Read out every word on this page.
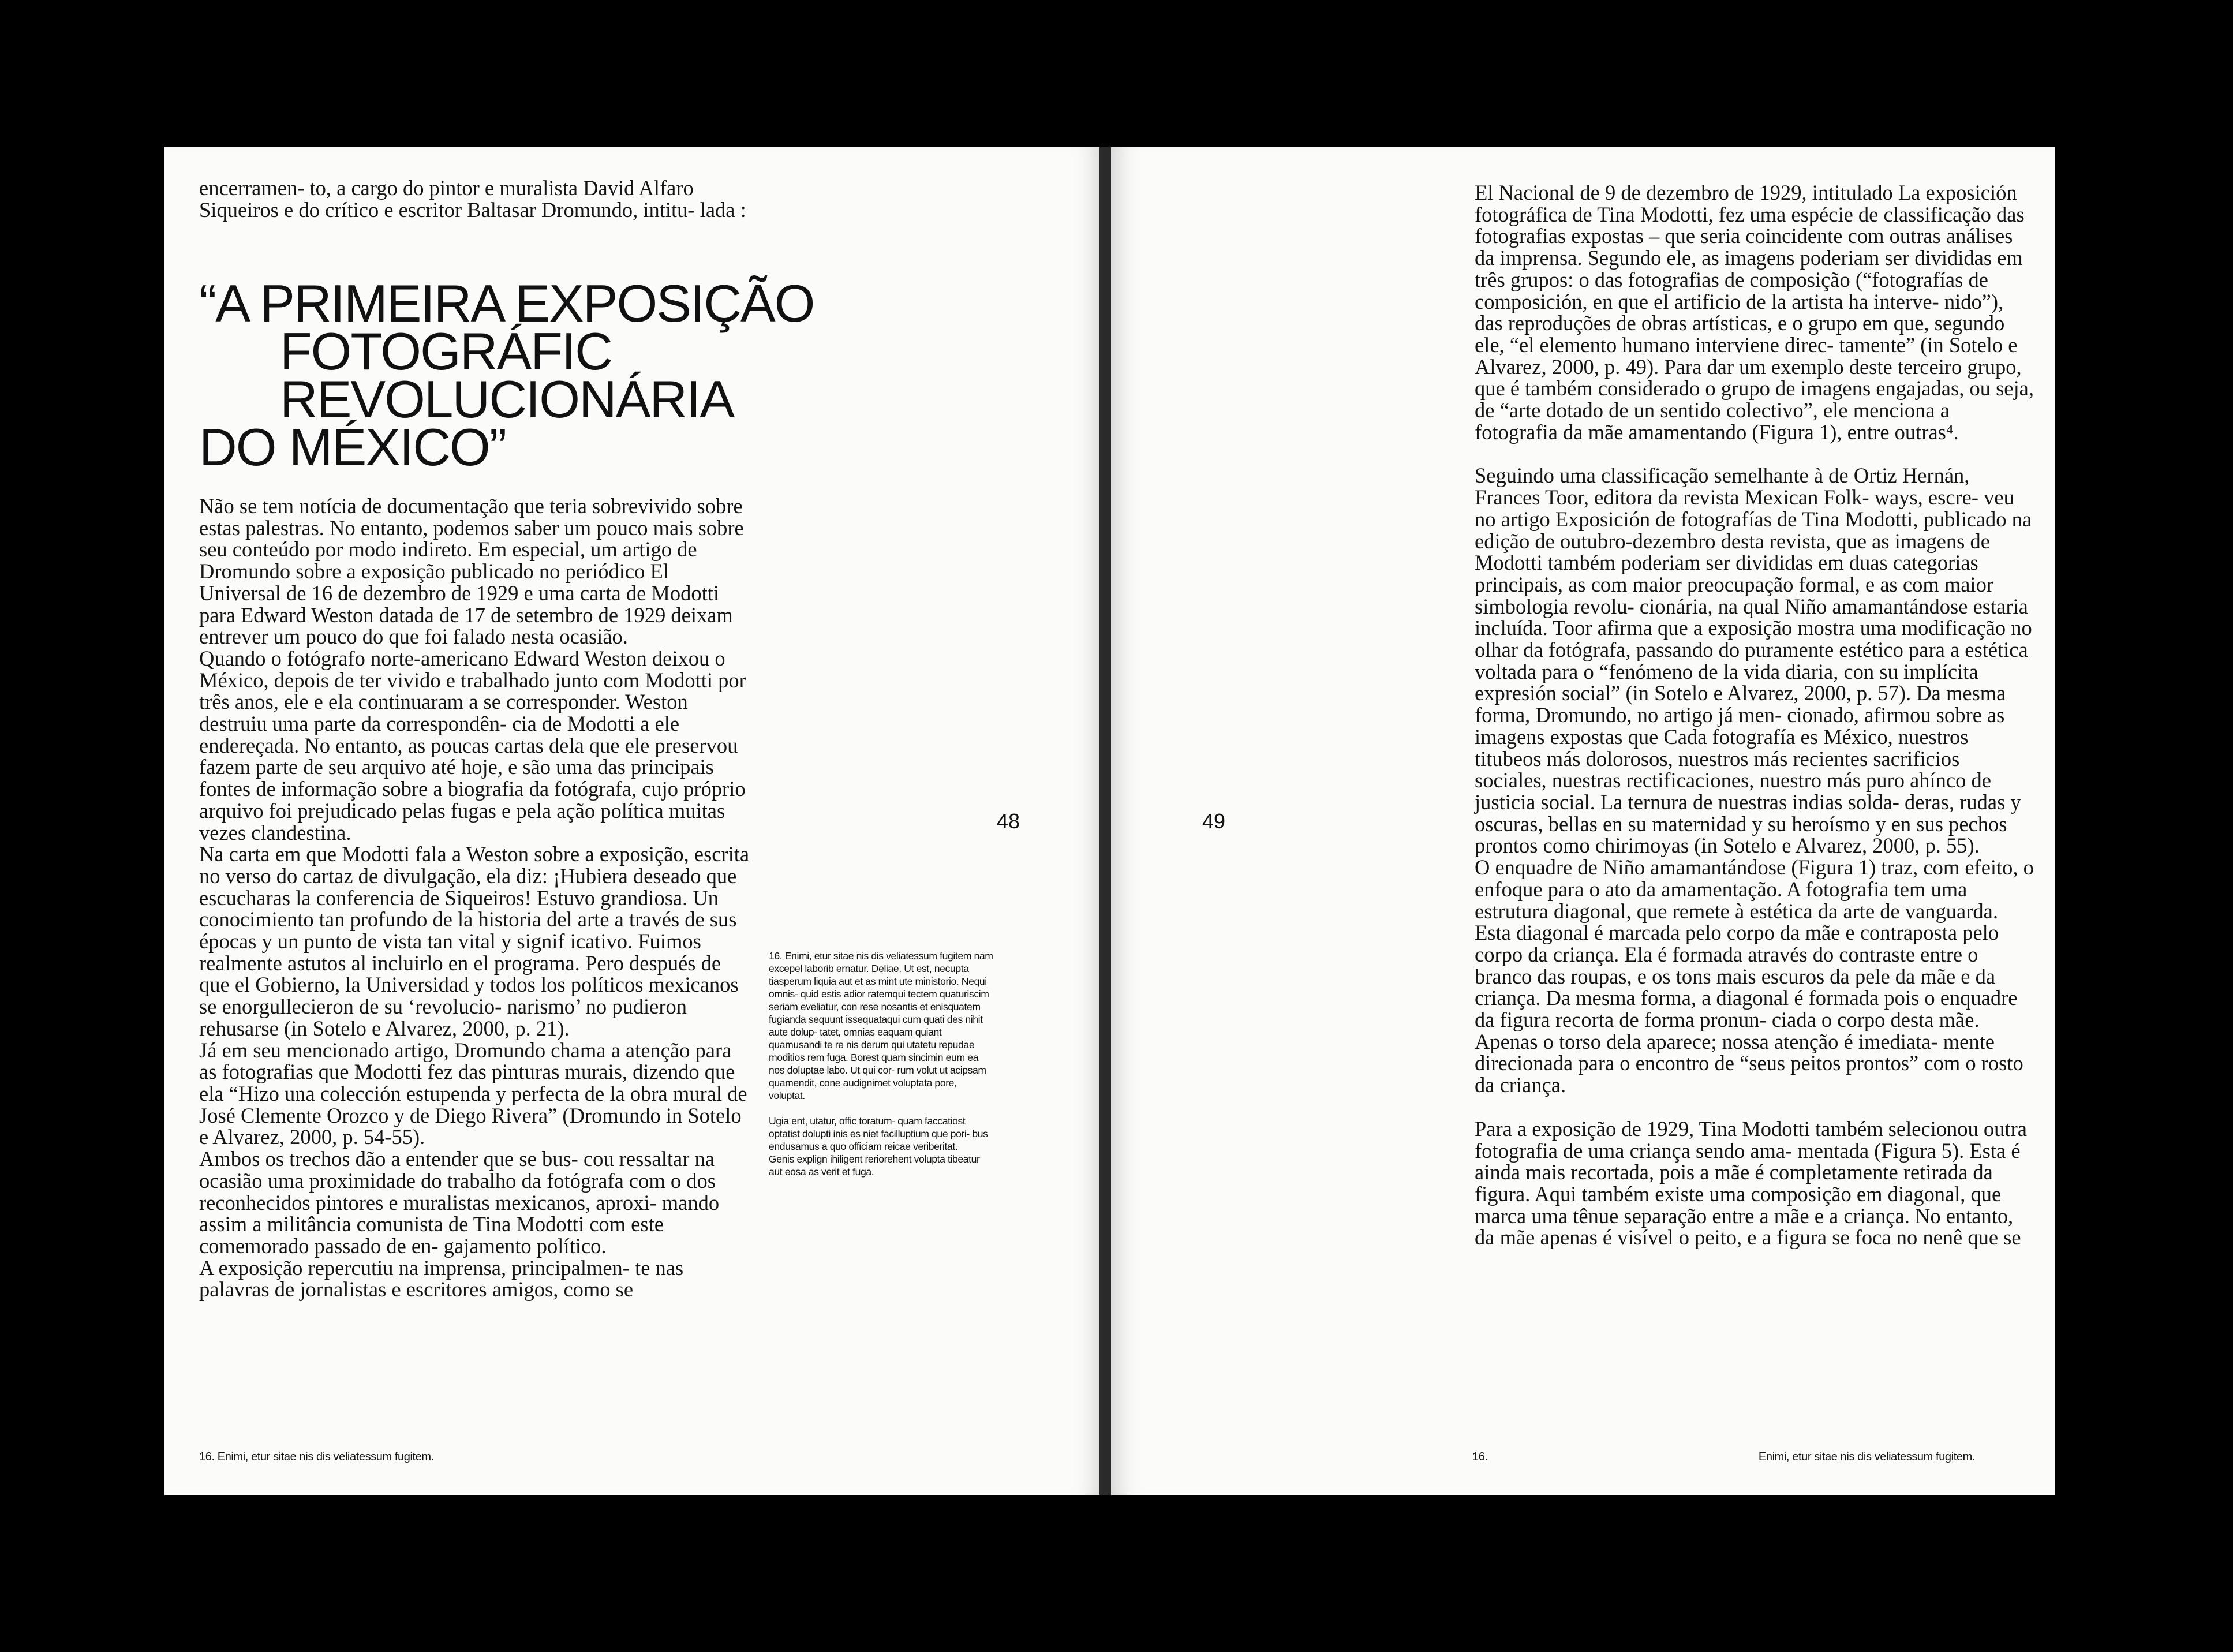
encerramen- to, a cargo do pintor e muralista David Alfaro Siqueiros e do crítico e escritor Baltasar Dromundo, intitu- lada :

“A PRIMEIRA EXPOSIÇÃO
FOTOGRÁFIC
REVOLUCIONÁRIA
DO MÉXICO”

Não se tem notícia de documentação que teria sobrevivido sobre estas palestras. No entanto, podemos saber um pouco mais sobre seu conteúdo por modo indireto. Em especial, um artigo de Dromundo sobre a exposição publicado no periódico El Universal de 16 de dezembro de 1929 e uma carta de Modotti para Edward Weston datada de 17 de setembro de 1929 deixam entrever um pouco do que foi falado nesta ocasião.

Quando o fotógrafo norte-americano Edward Weston deixou o México, depois de ter vivido e trabalhado junto com Modotti por três anos, ele e ela continuaram a se corresponder. Weston destruiu uma parte da correspondên- cia de Modotti a ele endereçada. No entanto, as poucas cartas dela que ele preservou fazem parte de seu arquivo até hoje, e são uma das principais fontes de informação sobre a biografia da fotógrafa, cujo próprio arquivo foi prejudicado pelas fugas e pela ação política muitas vezes clandestina.

Na carta em que Modotti fala a Weston sobre a exposição, escrita no verso do cartaz de divulgação, ela diz: ¡Hubiera deseado que escucharas la conferencia de Siqueiros! Estuvo grandiosa. Un conocimiento tan profundo de la historia del arte a través de sus épocas y un punto de vista tan vital y signif icativo. Fuimos realmente astutos al incluirlo en el programa. Pero después de que el Gobierno, la Universidad y todos los políticos mexicanos se enorgullecieron de su ‘revolucio- narismo’ no pudieron rehusarse (in Sotelo e Alvarez, 2000, p. 21).

Já em seu mencionado artigo, Dromundo chama a atenção para as fotografias que Modotti fez das pinturas murais, dizendo que ela “Hizo una colección estupenda y perfecta de la obra mural de José Clemente Orozco y de Diego Rivera” (Dromundo in Sotelo e Alvarez, 2000, p. 54-55).

Ambos os trechos dão a entender que se bus- cou ressaltar na ocasião uma proximidade do trabalho da fotógrafa com o dos reconhecidos pintores e muralistas mexicanos, aproxi- mando assim a militância comunista de Tina Modotti com este comemorado passado de en- gajamento político.

A exposição repercutiu na imprensa, principalmen- te nas palavras de jornalistas e escritores amigos, como se

16. Enimi, etur sitae nis dis veliatessum fugitem nam excepel laborib ernatur. Deliae. Ut est, necupta tiasperum liquia aut et as mint ute ministorio. Nequi omnis- quid estis adior ratemqui tectem quaturiscim seriam eveliatur, con rese nosantis et enisquatem fugianda sequunt issequataqui cum quati des nihit aute dolup- tatet, omnias eaquam quiant quamusandi te re nis derum qui utatetu repudae moditios rem fuga. Borest quam sincimin eum ea nos doluptae labo. Ut qui cor- rum volut ut acipsam quamendit, cone audignimet voluptata pore, voluptat.

Ugia ent, utatur, offic toratum- quam faccatiost optatist dolupti inis es niet facilluptium que pori- bus endusamus a quo officiam reicae veriberitat.

Genis explign ihiligent reriorehent volupta tibeatur aut eosa as verit et fuga.

48
16. Enimi, etur sitae nis dis veliatessum fugitem.
49

El Nacional de 9 de dezembro de 1929, intitulado La exposición fotográfica de Tina Modotti, fez uma espécie de classificação das fotografias expostas – que seria coincidente com outras análises da imprensa. Segundo ele, as imagens poderiam ser divididas em três grupos: o das fotografias de composição (“fotografías de composición, en que el artificio de la artista ha interve- nido”), das reproduções de obras artísticas, e o grupo em que, segundo ele, “el elemento humano interviene direc- tamente” (in Sotelo e Alvarez, 2000, p. 49). Para dar um exemplo deste terceiro grupo, que é também considerado o grupo de imagens engajadas, ou seja, de “arte dotado de un sentido colectivo”, ele menciona a fotografia da mãe amamentando (Figura 1), entre outras⁴.

Seguindo uma classificação semelhante à de Ortiz Hernán, Frances Toor, editora da revista Mexican Folk- ways, escre- veu no artigo Exposición de fotografías de Tina Modotti, publicado na edição de outubro-dezembro desta revista, que as imagens de Modotti também poderiam ser divididas em duas categorias principais, as com maior preocupação formal, e as com maior simbologia revolu- cionária, na qual Niño amamantándose estaria incluída. Toor afirma que a exposição mostra uma modificação no olhar da fotógrafa, passando do puramente estético para a estética voltada para o “fenómeno de la vida diaria, con su implícita expresión social” (in Sotelo e Alvarez, 2000, p. 57). Da mesma forma, Dromundo, no artigo já men- cionado, afirmou sobre as imagens expostas que Cada fotografía es México, nuestros titubeos más dolorosos, nuestros más recientes sacrificios sociales, nuestras rectificaciones, nuestro más puro ahínco de justicia social. La ternura de nuestras indias solda- deras, rudas y oscuras, bellas en su maternidad y su heroísmo y en sus pechos prontos como chirimoyas (in Sotelo e Alvarez, 2000, p. 55).

O enquadre de Niño amamantándose (Figura 1) traz, com efeito, o enfoque para o ato da amamentação. A fotografia tem uma estrutura diagonal, que remete à estética da arte de vanguarda. Esta diagonal é marcada pelo corpo da mãe e contraposta pelo corpo da criança. Ela é formada através do contraste entre o branco das roupas, e os tons mais escuros da pele da mãe e da criança. Da mesma forma, a diagonal é formada pois o enquadre da figura recorta de forma pronun- ciada o corpo desta mãe. Apenas o torso dela aparece; nossa atenção é imediata- mente direcionada para o encontro de “seus peitos prontos” com o rosto da criança.

Para a exposição de 1929, Tina Modotti também selecionou outra fotografia de uma criança sendo ama- mentada (Figura 5). Esta é ainda mais recortada, pois a mãe é completamente retirada da figura. Aqui também existe uma composição em diagonal, que marca uma tênue separação entre a mãe e a criança. No entanto, da mãe apenas é visível o peito, e a figura se foca no nenê que se

16.	Enimi, etur sitae nis dis veliatessum fugitem.
